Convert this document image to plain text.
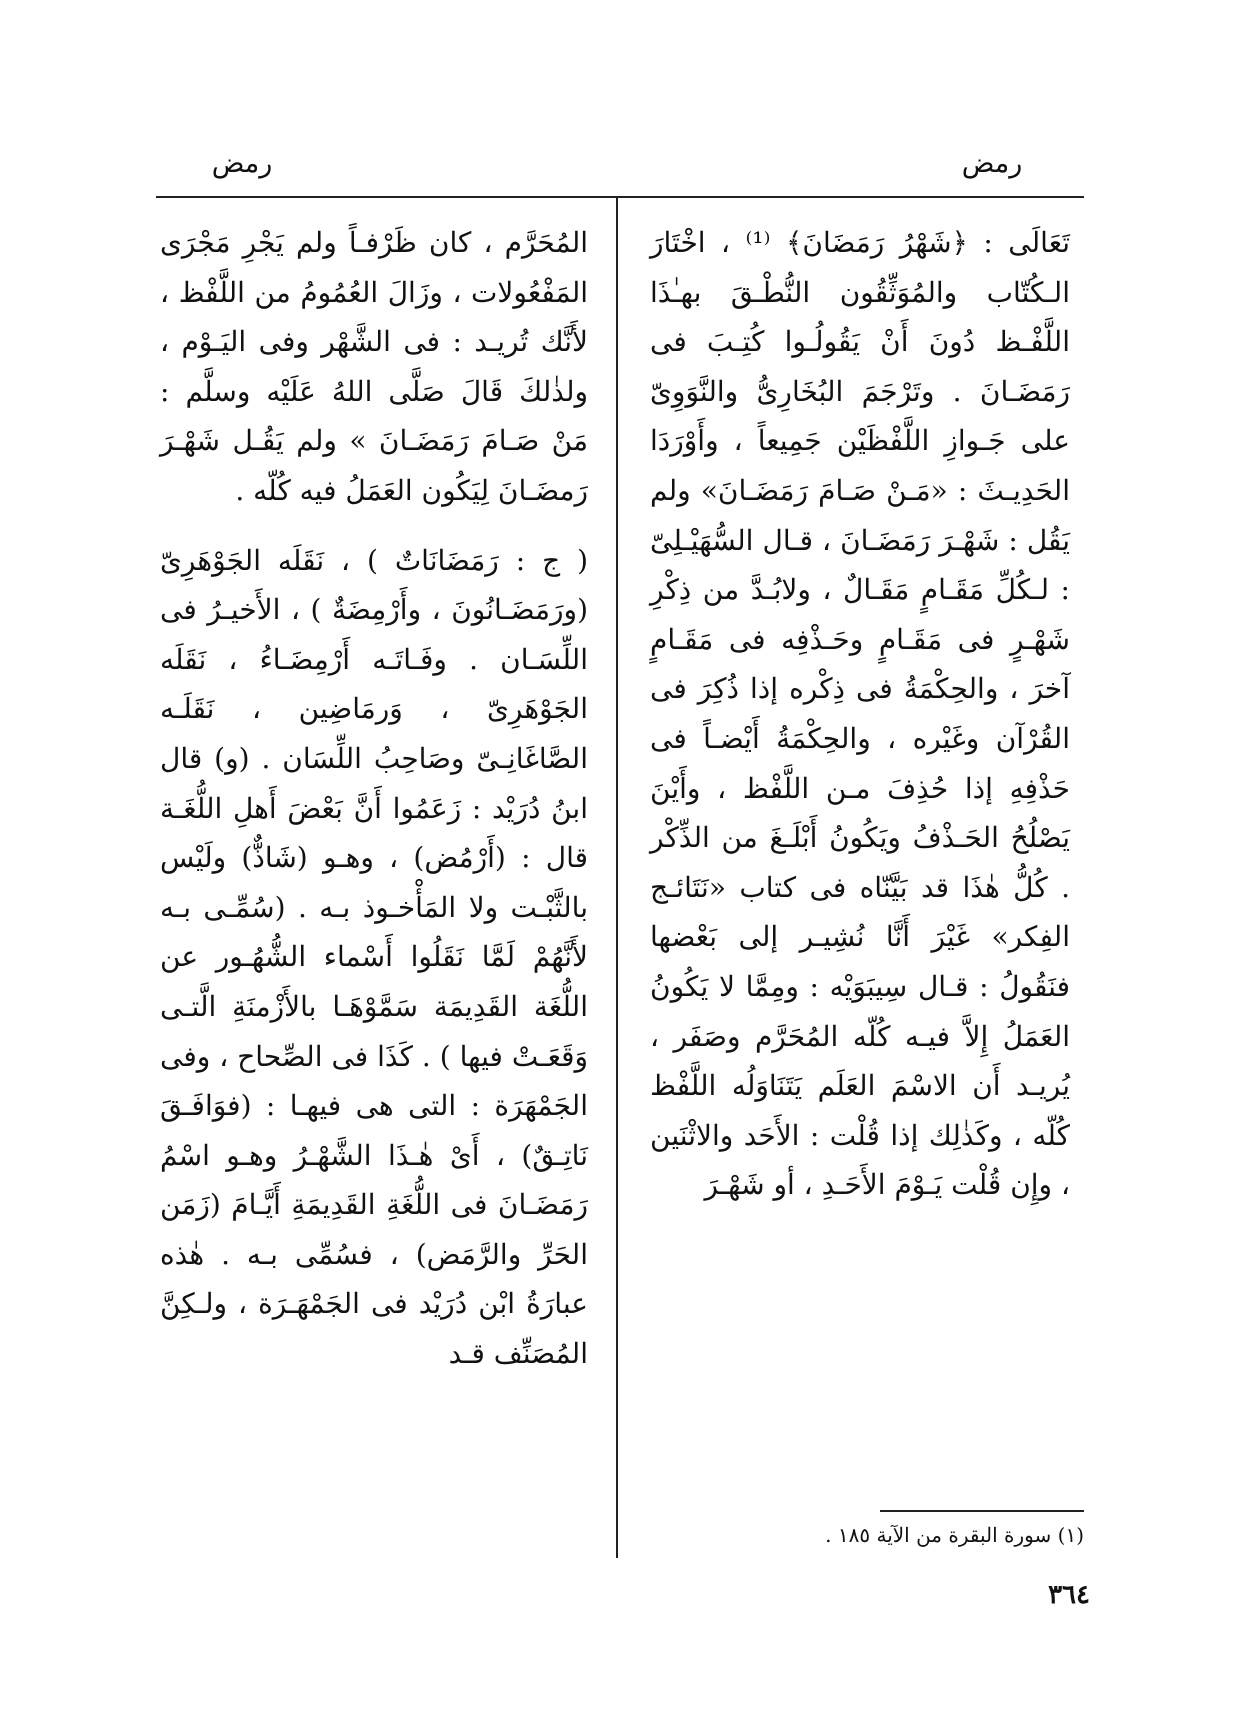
رمض
رمض

تَعَالَى : ﴿شَهْرُ رَمَضَانَ﴾ ⁽¹⁾ ، اخْتَارَ الـكُتّاب والمُوَثِّقُون النُّطْـقَ بهـٰذَا اللَّفْـظ دُونَ أَنْ يَقُولُـوا كُتِـبَ فى رَمَضَـانَ . وتَرْجَمَ البُخَارِىُّ والنَّوَوِىّ على جَـوازِ اللَّفْظَيْن جَمِيعاً ، وأَوْرَدَا الحَدِيـثَ : «مَـنْ صَـامَ رَمَضَـانَ» ولم يَقُل : شَهْـرَ رَمَضَـانَ ، قـال السُّهَيْـلِىّ : لـكُلِّ مَقَـامٍ مَقَـالٌ ، ولابُـدَّ من ذِكْرِ شَهْـرٍ فى مَقَـامٍ وحَـذْفِه فى مَقَـامٍ آخرَ ، والحِكْمَةُ فى ذِكْره إذا ذُكِرَ فى القُرْآن وغَيْره ، والحِكْمَةُ أَيْضـاً فى حَذْفِهِ إذا حُذِفَ مـن اللَّفْظ ، وأَيْنَ يَصْلُحُ الحَـذْفُ ويَكُونُ أَبْلَـغَ من الذِّكْر . كُلُّ هٰذَا قد بَيَّنّاه فى كتاب «نَتَائـج الفِكر» غَيْرَ أَنَّا نُشِيـر إلى بَعْضها فنَقُولُ : قـال سِيبَوَيْه : ومِمَّا لا يَكُونُ العَمَلُ إِلاَّ فيـه كُلّه المُحَرَّم وصَفَر ، يُريـد أَن الاسْمَ العَلَم يَتَنَاوَلُه اللَّفْظ كُلّه ، وكَذٰلِك إذا قُلْت : الأَحَد والاثْنَين ، وإِن قُلْت يَـوْمَ الأَحَـدِ ، أو شَهْـرَ

المُحَرَّم ، كان ظَرْفـاً ولم يَجْرِ مَجْرَى المَفْعُولات ، وزَالَ العُمُومُ من اللَّفْظ ، لأَنَّك تُريـد : فى الشَّهْر وفى اليَـوْم ، ولذٰلكَ قَالَ صَلَّى اللهُ عَلَيْه وسلَّم : مَنْ صَـامَ رَمَضَـانَ » ولم يَقُـل شَهْـرَ رَمضَـانَ لِيَكُون العَمَلُ فيه كُلّه .

( ج : رَمَضَانَاتٌ ) ، نَقَلَه الجَوْهَرِىّ (ورَمَضَـانُونَ ، وأَرْمِضَةٌ ) ، الأَخيـرُ فى اللِّسَـان . وفَـاتَـه أَرْمِضَـاءُ ، نَقَلَه الجَوْهَرِىّ ، وَرمَاضِين ، نَقَلَـه الصَّاغَانِـىّ وصَاحِبُ اللِّسَان . (و) قال ابنُ دُرَيْد : زَعَمُوا أَنَّ بَعْضَ أَهلِ اللُّغَـة قال : (أَرْمُض) ، وهـو (شَاذٌّ) ولَيْس بالثَّبْـت ولا المَأْخـوذ بـه . (سُمِّـى بـه لأَنَّهُمْ لَمَّا نَقَلُوا أَسْماء الشُّهُـور عن اللُّغَة القَدِيمَة سَمَّوْهَـا بالأَزْمنَةِ الَّتـى وَقَعَـتْ فيها ) . كَذَا فى الصِّحاح ، وفى الجَمْهَرَة : التى هى فيهـا : (فوَافَـقَ نَاتِـقٌ) ، أَىْ هٰـذَا الشَّهْـرُ وهـو اسْمُ رَمَضَـانَ فى اللُّغَةِ القَدِيمَةِ أَيَّـامَ (زَمَن الحَرِّ والرَّمَض) ، فسُمِّى بـه . هٰذه عبارَةُ ابْن دُرَيْد فى الجَمْهَـرَة ، ولـكِنَّ المُصَنِّف قـد

(١) سورة البقرة من الآية ١٨٥ .
٣٦٤
